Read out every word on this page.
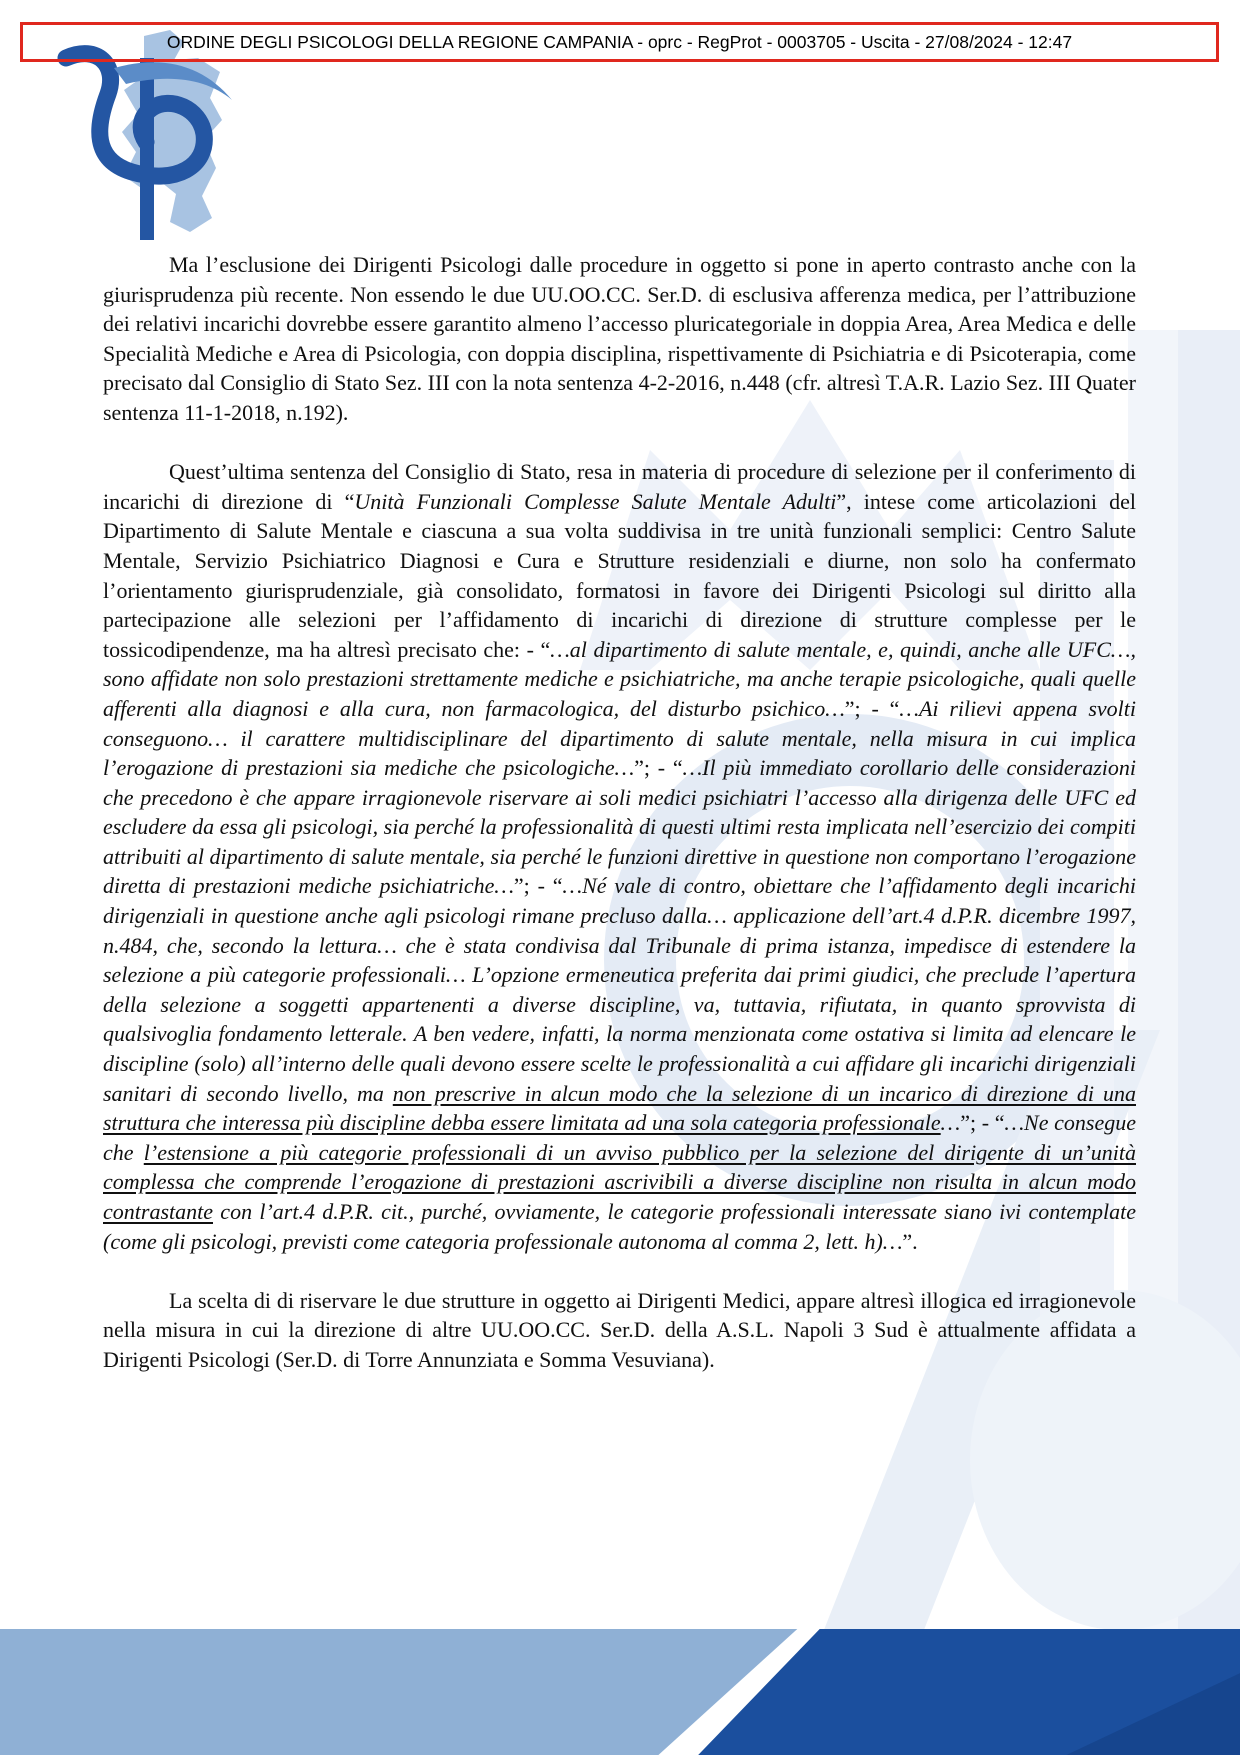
ORDINE DEGLI PSICOLOGI DELLA REGIONE CAMPANIA - oprc - RegProt - 0003705 - Uscita - 27/08/2024 - 12:47

Ma l’esclusione dei Dirigenti Psicologi dalle procedure in oggetto si pone in aperto contrasto anche con la giurisprudenza più recente. Non essendo le due UU.OO.CC. Ser.D. di esclusiva afferenza medica, per l’attribuzione dei relativi incarichi dovrebbe essere garantito almeno l’accesso pluricategoriale in doppia Area, Area Medica e delle Specialità Mediche e Area di Psicologia, con doppia disciplina, rispettivamente di Psichiatria e di Psicoterapia, come precisato dal Consiglio di Stato Sez. III con la nota sentenza 4-2-2016, n.448 (cfr. altresì T.A.R. Lazio Sez. III Quater sentenza 11-1-2018, n.192).

Quest’ultima sentenza del Consiglio di Stato, resa in materia di procedure di selezione per il conferimento di incarichi di direzione di “Unità Funzionali Complesse Salute Mentale Adulti”, intese come articolazioni del Dipartimento di Salute Mentale e ciascuna a sua volta suddivisa in tre unità funzionali semplici: Centro Salute Mentale, Servizio Psichiatrico Diagnosi e Cura e Strutture residenziali e diurne, non solo ha confermato l’orientamento giurisprudenziale, già consolidato, formatosi in favore dei Dirigenti Psicologi sul diritto alla partecipazione alle selezioni per l’affidamento di incarichi di direzione di strutture complesse per le tossicodipendenze, ma ha altresì precisato che: - “…al dipartimento di salute mentale, e, quindi, anche alle UFC…, sono affidate non solo prestazioni strettamente mediche e psichiatriche, ma anche terapie psicologiche, quali quelle afferenti alla diagnosi e alla cura, non farmacologica, del disturbo psichico…”; - “…Ai rilievi appena svolti conseguono… il carattere multidisciplinare del dipartimento di salute mentale, nella misura in cui implica l’erogazione di prestazioni sia mediche che psicologiche…”; - “…Il più immediato corollario delle considerazioni che precedono è che appare irragionevole riservare ai soli medici psichiatri l’accesso alla dirigenza delle UFC ed escludere da essa gli psicologi, sia perché la professionalità di questi ultimi resta implicata nell’esercizio dei compiti attribuiti al dipartimento di salute mentale, sia perché le funzioni direttive in questione non comportano l’erogazione diretta di prestazioni mediche psichiatriche…”; - “…Né vale di contro, obiettare che l’affidamento degli incarichi dirigenziali in questione anche agli psicologi rimane precluso dalla… applicazione dell’art.4 d.P.R. dicembre 1997, n.484, che, secondo la lettura… che è stata condivisa dal Tribunale di prima istanza, impedisce di estendere la selezione a più categorie professionali… L’opzione ermeneutica preferita dai primi giudici, che preclude l’apertura della selezione a soggetti appartenenti a diverse discipline, va, tuttavia, rifiutata, in quanto sprovvista di qualsivoglia fondamento letterale. A ben vedere, infatti, la norma menzionata come ostativa si limita ad elencare le discipline (solo) all’interno delle quali devono essere scelte le professionalità a cui affidare gli incarichi dirigenziali sanitari di secondo livello, ma non prescrive in alcun modo che la selezione di un incarico di direzione di una struttura che interessa più discipline debba essere limitata ad una sola categoria professionale…”; - “…Ne consegue che l’estensione a più categorie professionali di un avviso pubblico per la selezione del dirigente di un’unità complessa che comprende l’erogazione di prestazioni ascrivibili a diverse discipline non risulta in alcun modo contrastante con l’art.4 d.P.R. cit., purché, ovviamente, le categorie professionali interessate siano ivi contemplate (come gli psicologi, previsti come categoria professionale autonoma al comma 2, lett. h)…”.

La scelta di di riservare le due strutture in oggetto ai Dirigenti Medici, appare altresì illogica ed irragionevole nella misura in cui la direzione di altre UU.OO.CC. Ser.D. della A.S.L. Napoli 3 Sud è attualmente affidata a Dirigenti Psicologi (Ser.D. di Torre Annunziata e Somma Vesuviana).
